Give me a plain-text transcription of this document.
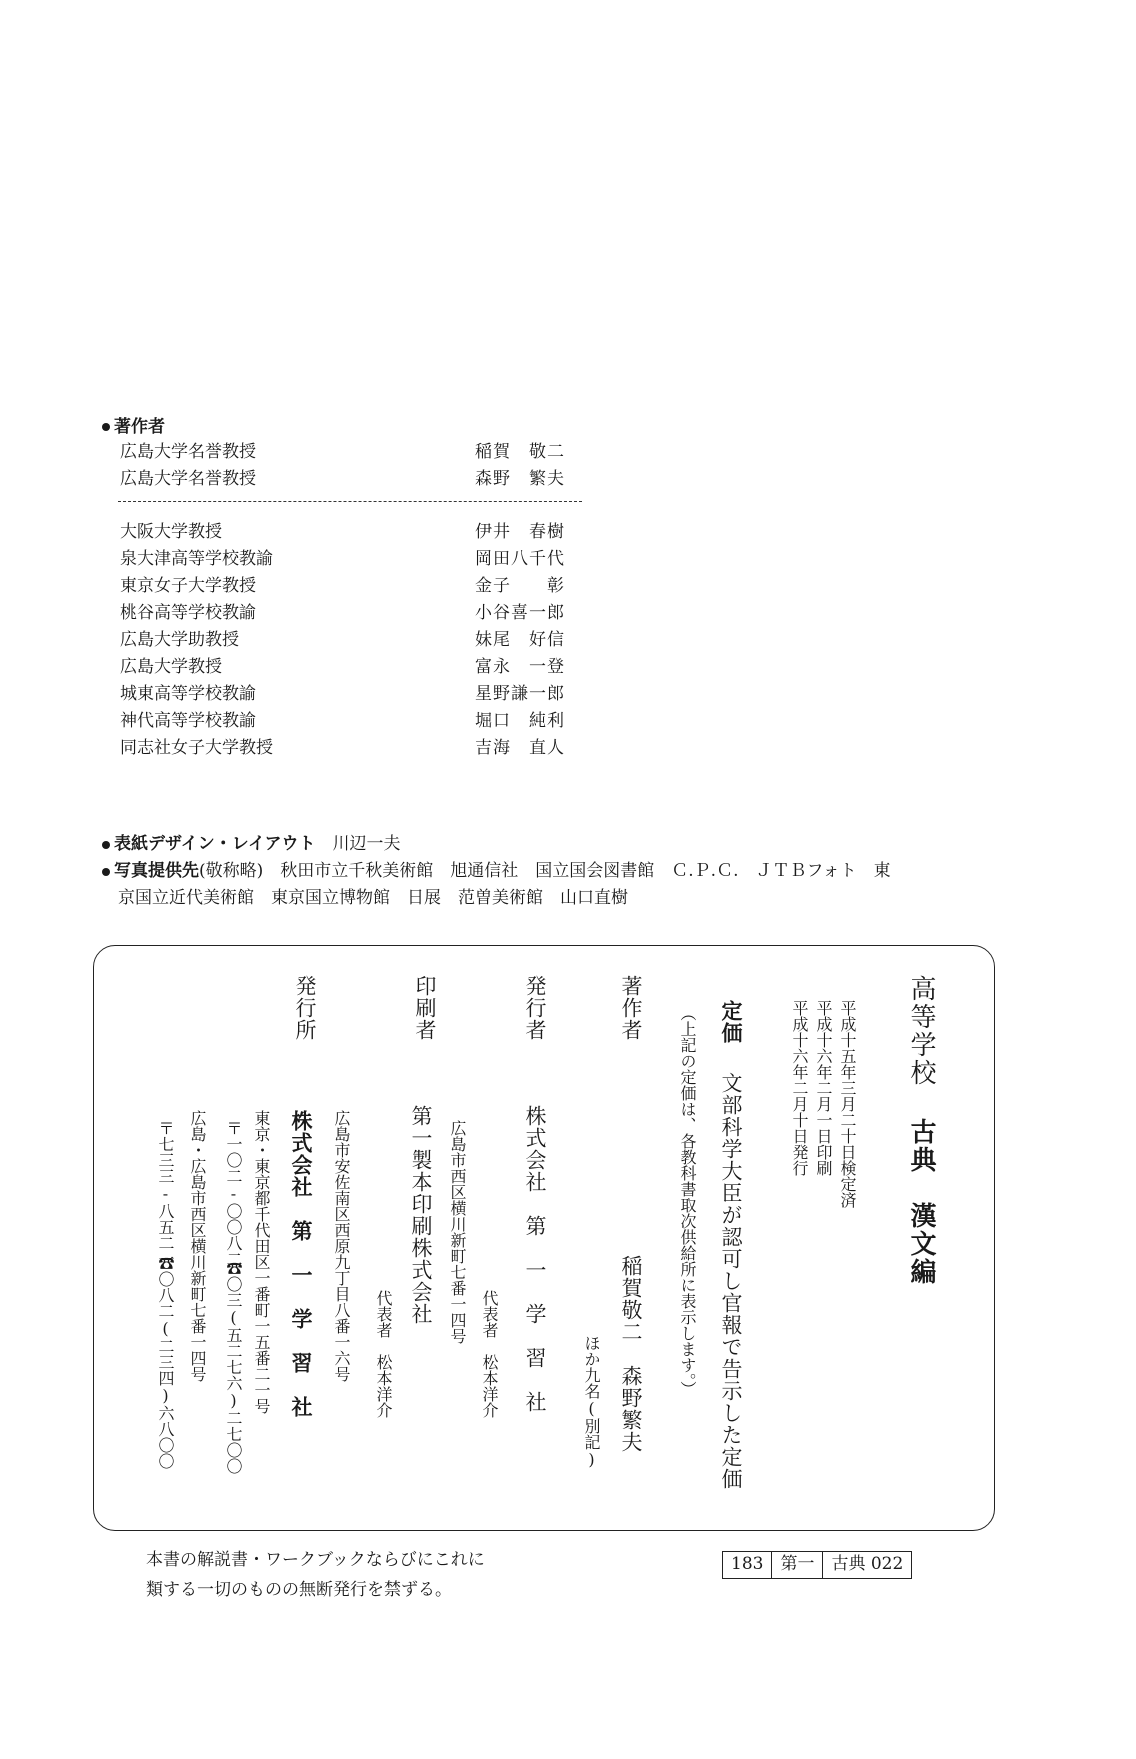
著作者
広島大学名誉教授	稲賀　敬二
広島大学名誉教授	森野　繁夫
大阪大学教授	伊井　春樹
泉大津高等学校教諭	岡田八千代
東京女子大学教授	金子　　彰
桃谷高等学校教諭	小谷喜一郎
広島大学助教授	妹尾　好信
広島大学教授	富永　一登
城東高等学校教諭	星野謙一郎
神代高等学校教諭	堀口　純利
同志社女子大学教授	吉海　直人
表紙デザイン・レイアウト　 川辺一夫
写真提供先(敬称略)　 秋田市立千秋美術館　旭通信社　国立国会図書館　Ｃ.Ｐ.Ｃ.　ＪＴＢフォト　東
京国立近代美術館　東京国立博物館　日展　范曽美術館　山口直樹
高等学校
古典　漢文編
平成十五年三月二十日検定済
平成十六年二月一日印刷
平成十六年二月十日発行
定価
文部科学大臣が認可し官報で告示した定価
（上記の定価は、各教科書取次供給所に表示します。）
著作者
稲賀敬二　森野繁夫
ほか九名(別記)
発行者
株式会社　第　一　学　習　社
代表者　松本洋介
印刷者
広島市西区横川新町七番一四号
第一製本印刷株式会社
代表者　松本洋介
発行所
広島市安佐南区西原九丁目八番一六号
株式会社　第　一　学　習　社
東京・東京都千代田区一番町一五番二一号
〒一〇二-〇〇八二
☎〇三(五二七六)二七〇〇
広島・広島市西区横川新町七番一四号
〒七三三-八五二一
☎〇八二(二三四)六八〇〇
本書の解説書・ワークブックならびにこれに
類する一切のものの無断発行を禁ずる。
183	第一	古典 022
